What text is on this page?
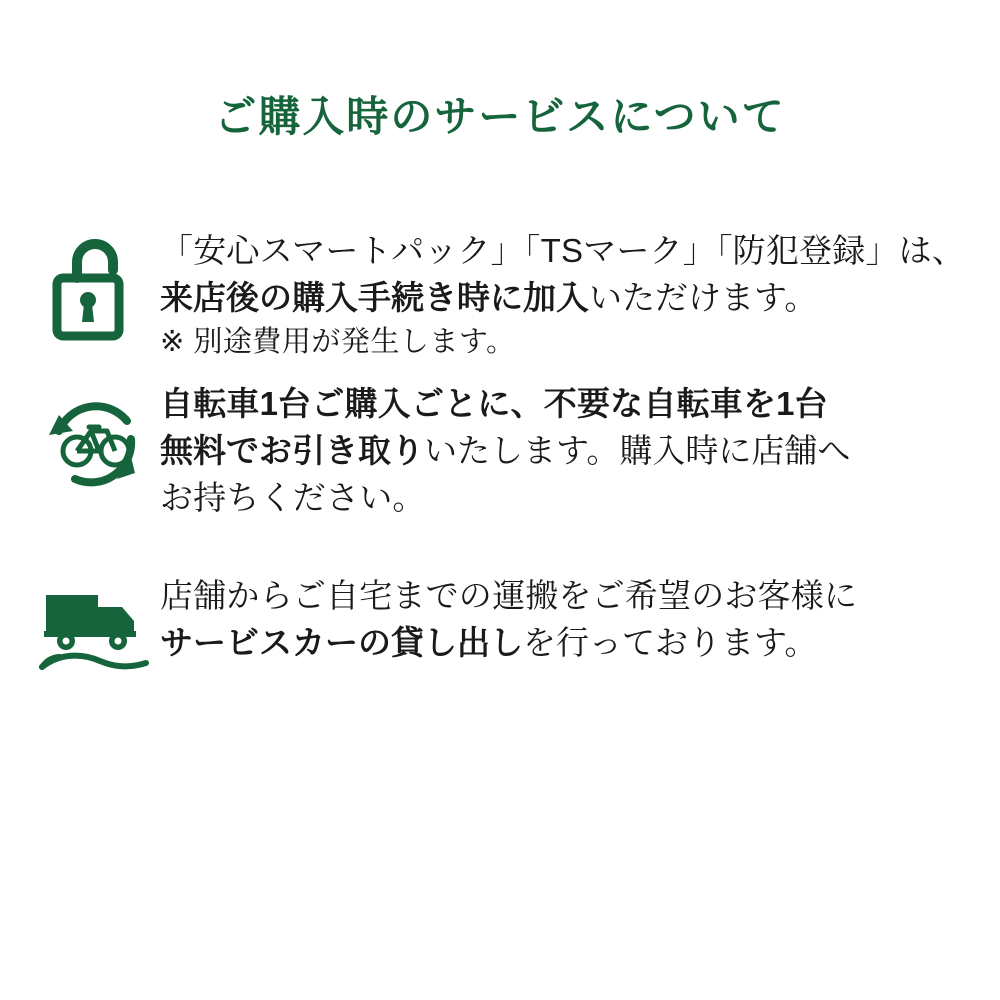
ご購入時のサービスについて
「安心スマートパック」「TSマーク」「防犯登録」は、
来店後の購入手続き時に加入いただけます。
※ 別途費用が発生します。
自転車1台ご購入ごとに、不要な自転車を1台
無料でお引き取りいたします。購入時に店舗へ
お持ちください。
店舗からご自宅までの運搬をご希望のお客様に
サービスカーの貸し出しを行っております。
